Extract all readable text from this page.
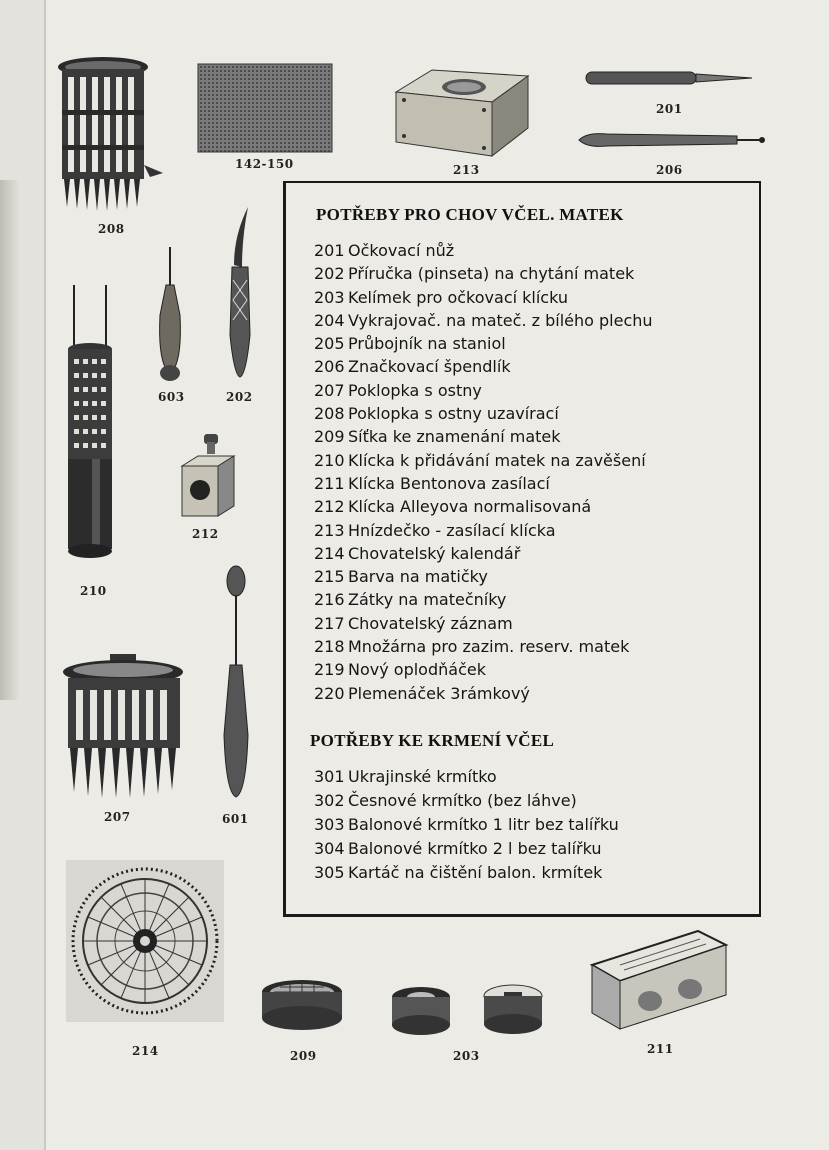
208
142-150	213
201
206
603	202
210
212
207	601
214	209	203	211
POTŘEBY PRO CHOV VČEL. MATEK
201 Očkovací nůž
202 Příručka (pinseta) na chytání matek
203 Kelímek pro očkovací klícku
204 Vykrajovač. na mateč. z bílého plechu
205 Průbojník na staniol
206 Značkovací špendlík
207 Poklopka s ostny
208 Poklopka s ostny uzavírací
209 Síťka ke znamenání matek
210 Klícka k přidávání matek na zavěšení
211 Klícka Bentonova zasílací
212 Klícka Alleyova normalisovaná
213 Hnízdečko - zasílací klícka
214 Chovatelský kalendář
215 Barva na matičky
216 Zátky na matečníky
217 Chovatelský záznam
218 Množárna pro zazim. reserv. matek
219 Nový oplodňáček
220 Plemenáček 3rámkový
POTŘEBY KE KRMENÍ VČEL
301 Ukrajinské krmítko
302 Česnové krmítko (bez láhve)
303 Balonové krmítko 1 litr bez talířku
304 Balonové krmítko 2 l bez talířku
305 Kartáč na čištění balon. krmítek
